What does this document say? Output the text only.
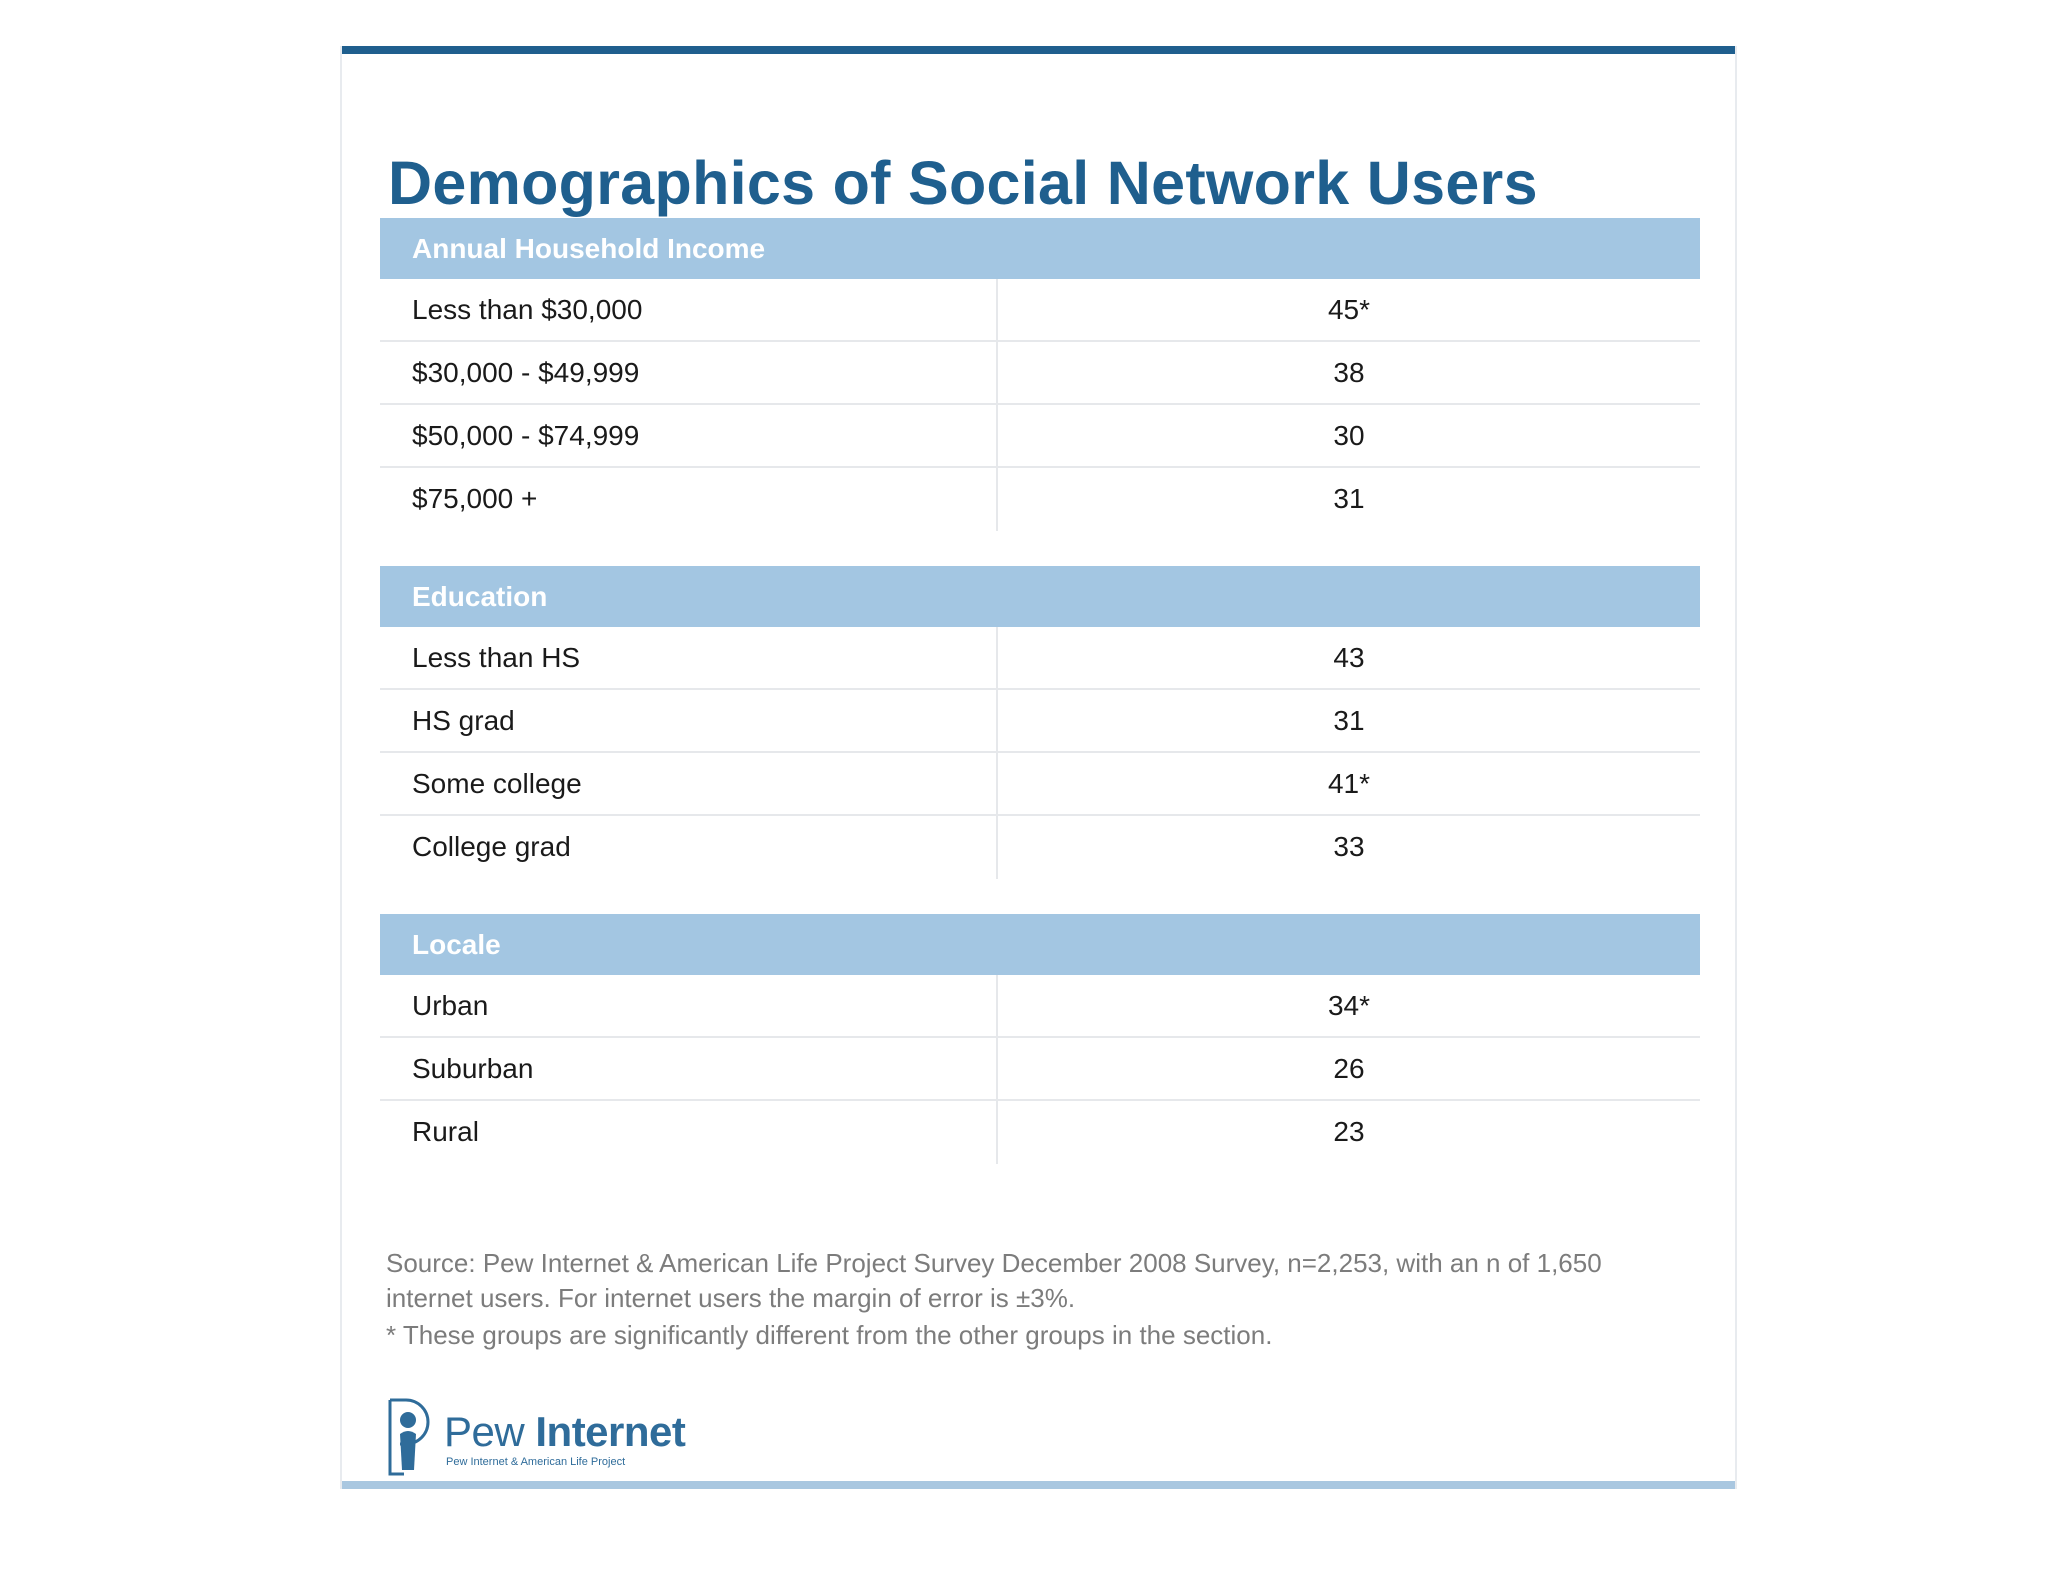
Demographics of Social Network Users
Annual Household Income
Less than $30,000	45*
$30,000 - $49,999	38
$50,000 - $74,999	30
$75,000 +	31
Education
Less than HS	43
HS grad	31
Some college	41*
College grad	33
Locale
Urban	34*
Suburban	26
Rural	23

Source: Pew Internet & American Life Project Survey December 2008 Survey, n=2,253, with an n of 1,650 internet users. For internet users the margin of error is ±3%.

* These groups are significantly different from the other groups in the section.

Pew Internet
Pew Internet & American Life Project
